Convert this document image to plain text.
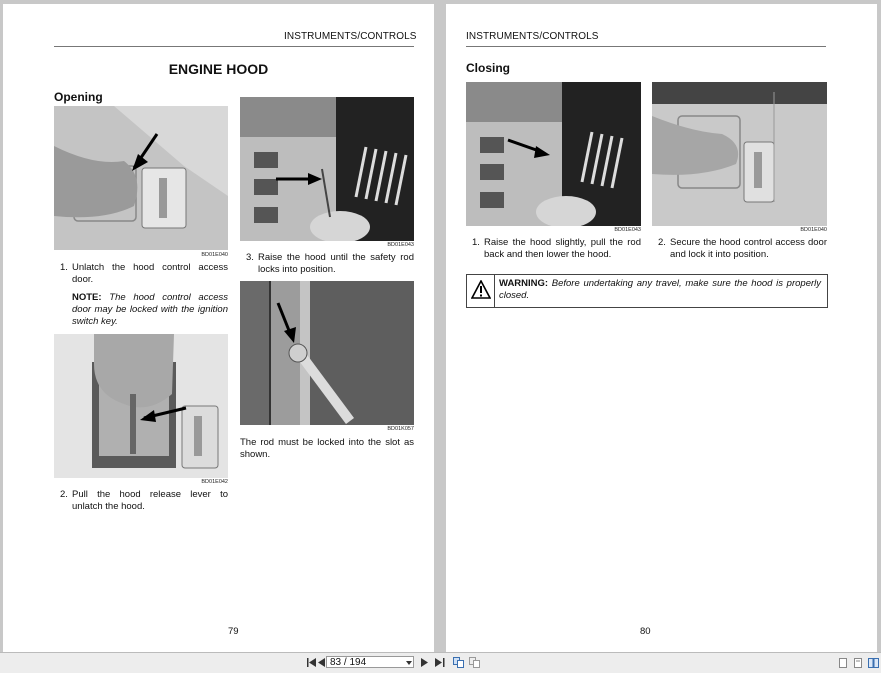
INSTRUMENTS/CONTROLS
ENGINE HOOD
Opening
BD01E040
1. Unlatch the hood control access door.
NOTE: The hood control access door may be locked with the ignition switch key.
BD01E042
2. Pull the hood release lever to unlatch the hood.
BD01E043
3. Raise the hood until the safety rod locks into position.
BD01K057
The rod must be locked into the slot as shown.
79
INSTRUMENTS/CONTROLS
Closing
BD01E043	BD01E040
1. Raise the hood slightly, pull the rod back and then lower the hood.
2. Secure the hood control access door and lock it into position.
WARNING: Before undertaking any travel, make sure the hood is properly closed.
80
83 / 194
